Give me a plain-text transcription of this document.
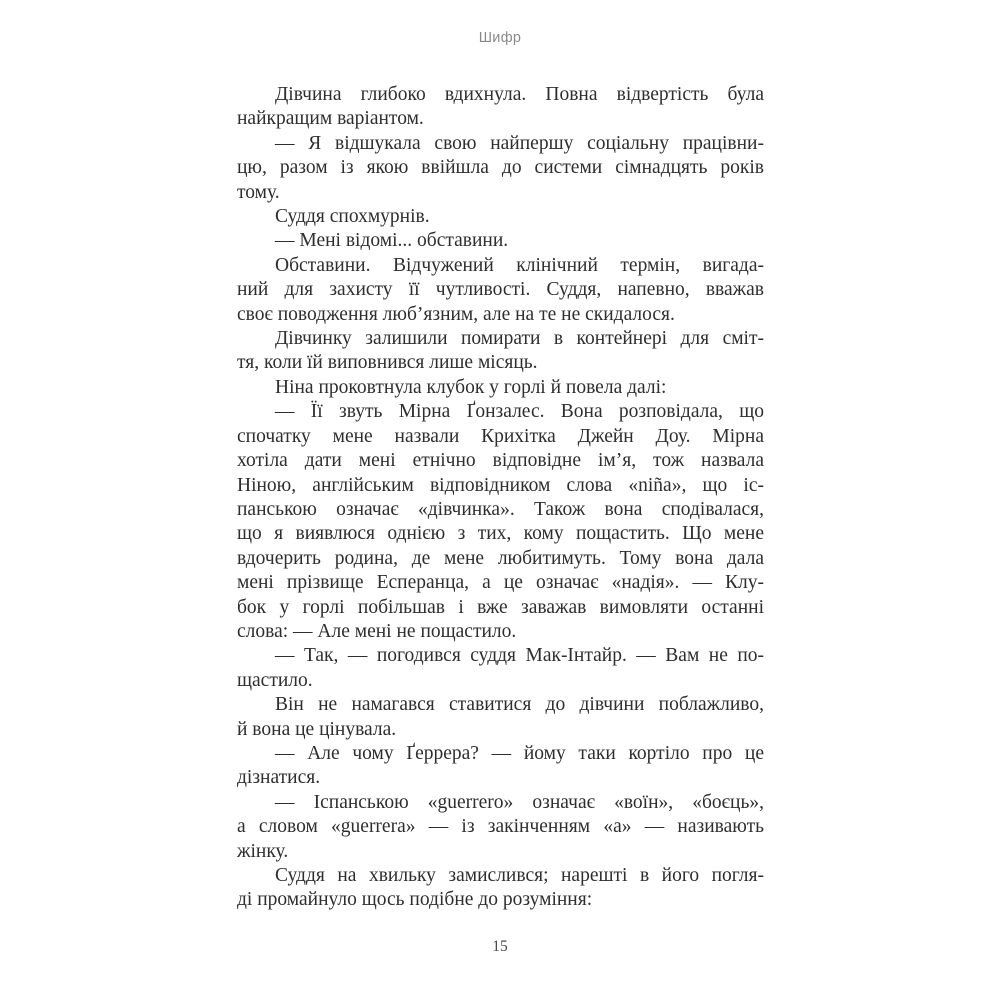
Шифр
Дівчина глибоко вдихнула. Повна відвертість була
найкращим варіантом.
— Я відшукала свою найпершу соціальну працівни-
цю, разом із якою ввійшла до системи сімнадцять років
тому.
Суддя спохмурнів.
— Мені відомі... обставини.
Обставини. Відчужений клінічний термін, вигада-
ний для захисту її чутливості. Суддя, напевно, вважав
своє поводження люб’язним, але на те не скидалося.
Дівчинку залишили помирати в контейнері для сміт-
тя, коли їй виповнився лише місяць.
Ніна проковтнула клубок у горлі й повела далі:
— Її звуть Мірна Ґонзалес. Вона розповідала, що
спочатку мене назвали Крихітка Джейн Доу. Мірна
хотіла дати мені етнічно відповідне ім’я, тож назвала
Ніною, англійським відповідником слова «niña», що іс-
панською означає «дівчинка». Також вона сподівалася,
що я виявлюся однією з тих, кому пощастить. Що мене
вдочерить родина, де мене любитимуть. Тому вона дала
мені прізвище Есперанца, а це означає «надія». — Клу-
бок у горлі побільшав і вже заважав вимовляти останні
слова: — Але мені не пощастило.
— Так, — погодився суддя Мак-Інтайр. — Вам не по-
щастило.
Він не намагався ставитися до дівчини поблажливо,
й вона це цінувала.
— Але чому Ґеррера? — йому таки кортіло про це
дізнатися.
— Іспанською «guerrero» означає «воїн», «боєць»,
а словом «guerrera» — із закінченням «а» — називають
жінку.
Суддя на хвильку замислився; нарешті в його погля-
ді промайнуло щось подібне до розуміння:
15
